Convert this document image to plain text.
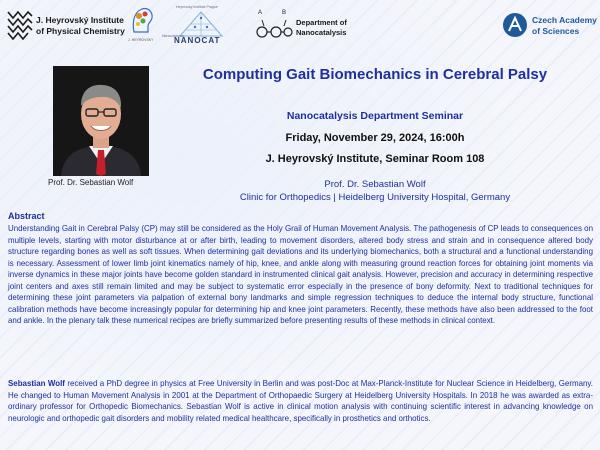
J. Heyrovský Institute
of Physical Chemistry
J. HEYROVSKY
Heyrovsky Institute Prague
Nanocatalysis
NANOCAT
A	B
Department of
Nanocatalysis
Czech Academy
of Sciences
Prof. Dr. Sebastian Wolf
Computing Gait Biomechanics in Cerebral Palsy
Nanocatalysis Department Seminar
Friday, November 29, 2024, 16:00h
J. Heyrovský Institute, Seminar Room 108
Prof. Dr. Sebastian Wolf
Clinic for Orthopedics | Heidelberg University Hospital, Germany
Abstract

Understanding Gait in Cerebral Palsy (CP) may still be considered as the Holy Grail of Human Movement Analysis. The pathogenesis of CP leads to consequences on multiple levels, starting with motor disturbance at or after birth, leading to movement disorders, altered body stress and strain and in consequence altered body structure regarding bones as well as soft tissues. When determining gait deviations and its underlying biomechanics, both a structural and a functional understanding is necessary. Assessment of lower limb joint kinematics namely of hip, knee, and ankle along with measuring ground reaction forces for obtaining joint moments via inverse dynamics in these major joints have become golden standard in instrumented clinical gait analysis. However, precision and accuracy in determining respective joint centers and axes still remain limited and may be subject to systematic error especially in the presence of bony deformity. Next to traditional techniques for determining these joint parameters via palpation of external bony landmarks and simple regression techniques to deduce the internal body structure, functional calibration methods have become increasingly popular for determining hip and knee joint parameters. Recently, these methods have also been addressed to the foot and ankle. In the plenary talk these numerical recipes are briefly summarized before presenting results of these methods in clinical context.

Sebastian Wolf received a PhD degree in physics at Free University in Berlin and was post-Doc at Max-Planck-Institute for Nuclear Science in Heidelberg, Germany. He changed to Human Movement Analysis in 2001 at the Department of Orthopaedic Surgery at Heidelberg University Hospitals. In 2018 he was awarded as extra-ordinary professor for Orthopedic Biomechanics. Sebastian Wolf is active in clinical motion analysis with continuing scientific interest in advancing knowledge on neurologic and orthopedic gait disorders and mobility related medical healthcare, specifically in prosthetics and orthotics.
